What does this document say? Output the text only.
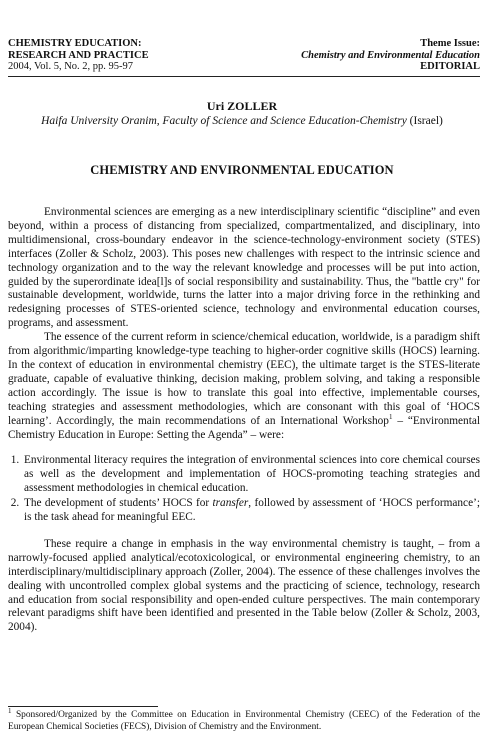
CHEMISTRY EDUCATION:
RESEARCH AND PRACTICE
2004, Vol. 5, No. 2, pp. 95-97
Theme Issue:
Chemistry and Environmental Education
EDITORIAL
Uri ZOLLER
Haifa University Oranim, Faculty of Science and Science Education-Chemistry (Israel)
CHEMISTRY AND ENVIRONMENTAL EDUCATION

Environmental sciences are emerging as a new interdisciplinary scientific “discipline” and even beyond, within a process of distancing from specialized, compartmentalized, and disciplinary, into multidimensional, cross-boundary endeavor in the science-technology-environment society (STES) interfaces (Zoller & Scholz, 2003). This poses new challenges with respect to the intrinsic science and technology organization and to the way the relevant knowledge and processes will be put into action, guided by the superordinate idea[l]s of social responsibility and sustainability. Thus, the "battle cry" for sustainable development, worldwide, turns the latter into a major driving force in the rethinking and redesigning processes of STES-oriented science, technology and environmental education courses, programs, and assessment.

The essence of the current reform in science/chemical education, worldwide, is a paradigm shift from algorithmic/imparting knowledge-type teaching to higher-order cognitive skills (HOCS) learning. In the context of education in environmental chemistry (EEC), the ultimate target is the STES-literate graduate, capable of evaluative thinking, decision making, problem solving, and taking a responsible action accordingly. The issue is how to translate this goal into effective, implementable courses, teaching strategies and assessment methodologies, which are consonant with this goal of ‘HOCS learning’. Accordingly, the main recommendations of an International Workshop$^1$ – “Environmental Chemistry Education in Europe: Setting the Agenda” – were:

1. Environmental literacy requires the integration of environmental sciences into core chemical courses as well as the development and implementation of HOCS-promoting teaching strategies and assessment methodologies in chemical education.
2. The development of students’ HOCS for transfer, followed by assessment of ‘HOCS performance’; is the task ahead for meaningful EEC.

These require a change in emphasis in the way environmental chemistry is taught, – from a narrowly-focused applied analytical/ecotoxicological, or environmental engineering chemistry, to an interdisciplinary/multidisciplinary approach (Zoller, 2004). The essence of these challenges involves the dealing with uncontrolled complex global systems and the practicing of science, technology, research and education from social responsibility and open-ended culture perspectives. The main contemporary relevant paradigms shift have been identified and presented in the Table below (Zoller & Scholz, 2003, 2004).

$^1$ Sponsored/Organized by the Committee on Education in Environmental Chemistry (CEEC) of the Federation of the European Chemical Societies (FECS), Division of Chemistry and the Environment.
